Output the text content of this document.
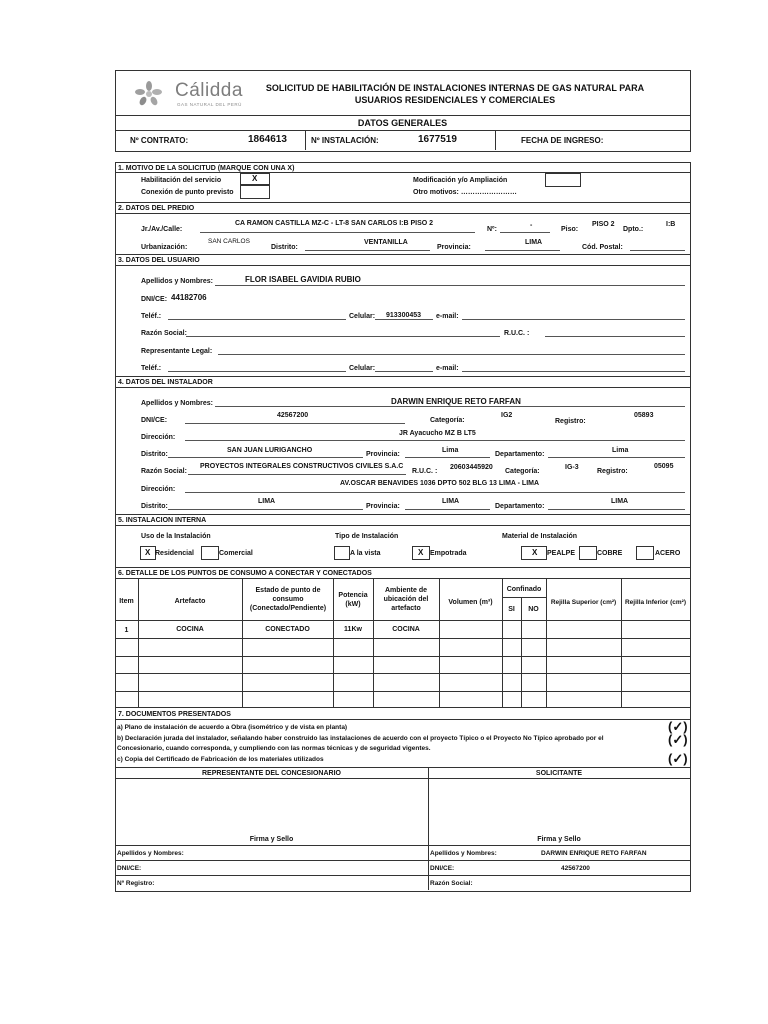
Cálidda
GAS NATURAL DEL PERÚ
SOLICITUD DE HABILITACIÓN DE INSTALACIONES INTERNAS DE GAS NATURAL PARA
USUARIOS RESIDENCIALES Y COMERCIALES
DATOS GENERALES
Nº CONTRATO:	1864613	Nº INSTALACIÓN:	1677519	FECHA DE INGRESO:
1. MOTIVO DE LA SOLICITUD (MARQUE CON UNA X)
Habilitación del servicio	X
Conexión de punto previsto
Modificación y/o Ampliación
Otro motivos: ……………………
2. DATOS DEL PREDIO
Jr./Av./Calle:
CA RAMON CASTILLA MZ-C - LT-8 SAN CARLOS I:B PISO 2
Nº:
-
Piso:
PISO 2
Dpto.:
I:B
Urbanización:
SAN CARLOS
Distrito:
VENTANILLA
Provincia:
LIMA
Cód. Postal:
3. DATOS DEL USUARIO
Apellidos y Nombres:	FLOR ISABEL GAVIDIA RUBIO
DNI/CE: 44182706
Teléf.:	Celular: 913300453 e-mail:
Razón Social:	R.U.C. :
Representante Legal:
Teléf.:	Celular:	e-mail:
4. DATOS DEL INSTALADOR
Apellidos y Nombres:	DARWIN ENRIQUE RETO FARFAN
DNI/CE:
42567200
Categoría:
IG2
Registro:
05893
Dirección:
JR Ayacucho MZ B LT5
Distrito:
SAN JUAN LURIGANCHO
Provincia:
Lima
Departamento:
Lima
Razón Social:
PROYECTOS INTEGRALES CONSTRUCTIVOS CIVILES S.A.C
R.U.C. :
20603445920
Categoría:
IG-3
Registro:
05095
Dirección:
AV.OSCAR BENAVIDES 1036 DPTO 502 BLG 13 LIMA - LIMA
Distrito:
LIMA
Provincia:
LIMA
Departamento:
LIMA
5. INSTALACION INTERNA
Uso de la Instalación	Tipo de Instalación	Material de Instalación
X Residencial	Comercial	A la vista	X Empotrada	X PEALPE	COBRE	ACERO
6. DETALLE DE LOS PUNTOS DE CONSUMO A CONECTAR Y CONECTADOS
Item	Artefacto
Estado de punto de consumo (Conectado/Pendiente)
Potencia (kW)
Ambiente de ubicación del artefacto
Volumen (m³)
Confinado
SI	NO
Rejilla Superior (cm²)	Rejilla Inferior (cm²)
1	COCINA	CONECTADO	11Kw	COCINA
7. DOCUMENTOS PRESENTADOS
a) Plano de instalación de acuerdo a Obra (isométrico y de vista en planta)
b) Declaración jurada del instalador, señalando haber construido las instalaciones de acuerdo con el proyecto Típico o el Proyecto No Típico aprobado por el
Concesionario, cuando corresponda, y cumpliendo con las normas técnicas y de seguridad vigentes.
c) Copia del Certificado de Fabricación de los materiales utilizados
(✓)
(✓)
(✓)
REPRESENTANTE DEL CONCESIONARIO	SOLICITANTE
Firma y Sello	Firma y Sello
Apellidos y Nombres:
DNI/CE:
Nº Registro:
Apellidos y Nombres:	DARWIN ENRIQUE RETO FARFAN
DNI/CE:	42567200
Razón Social:
